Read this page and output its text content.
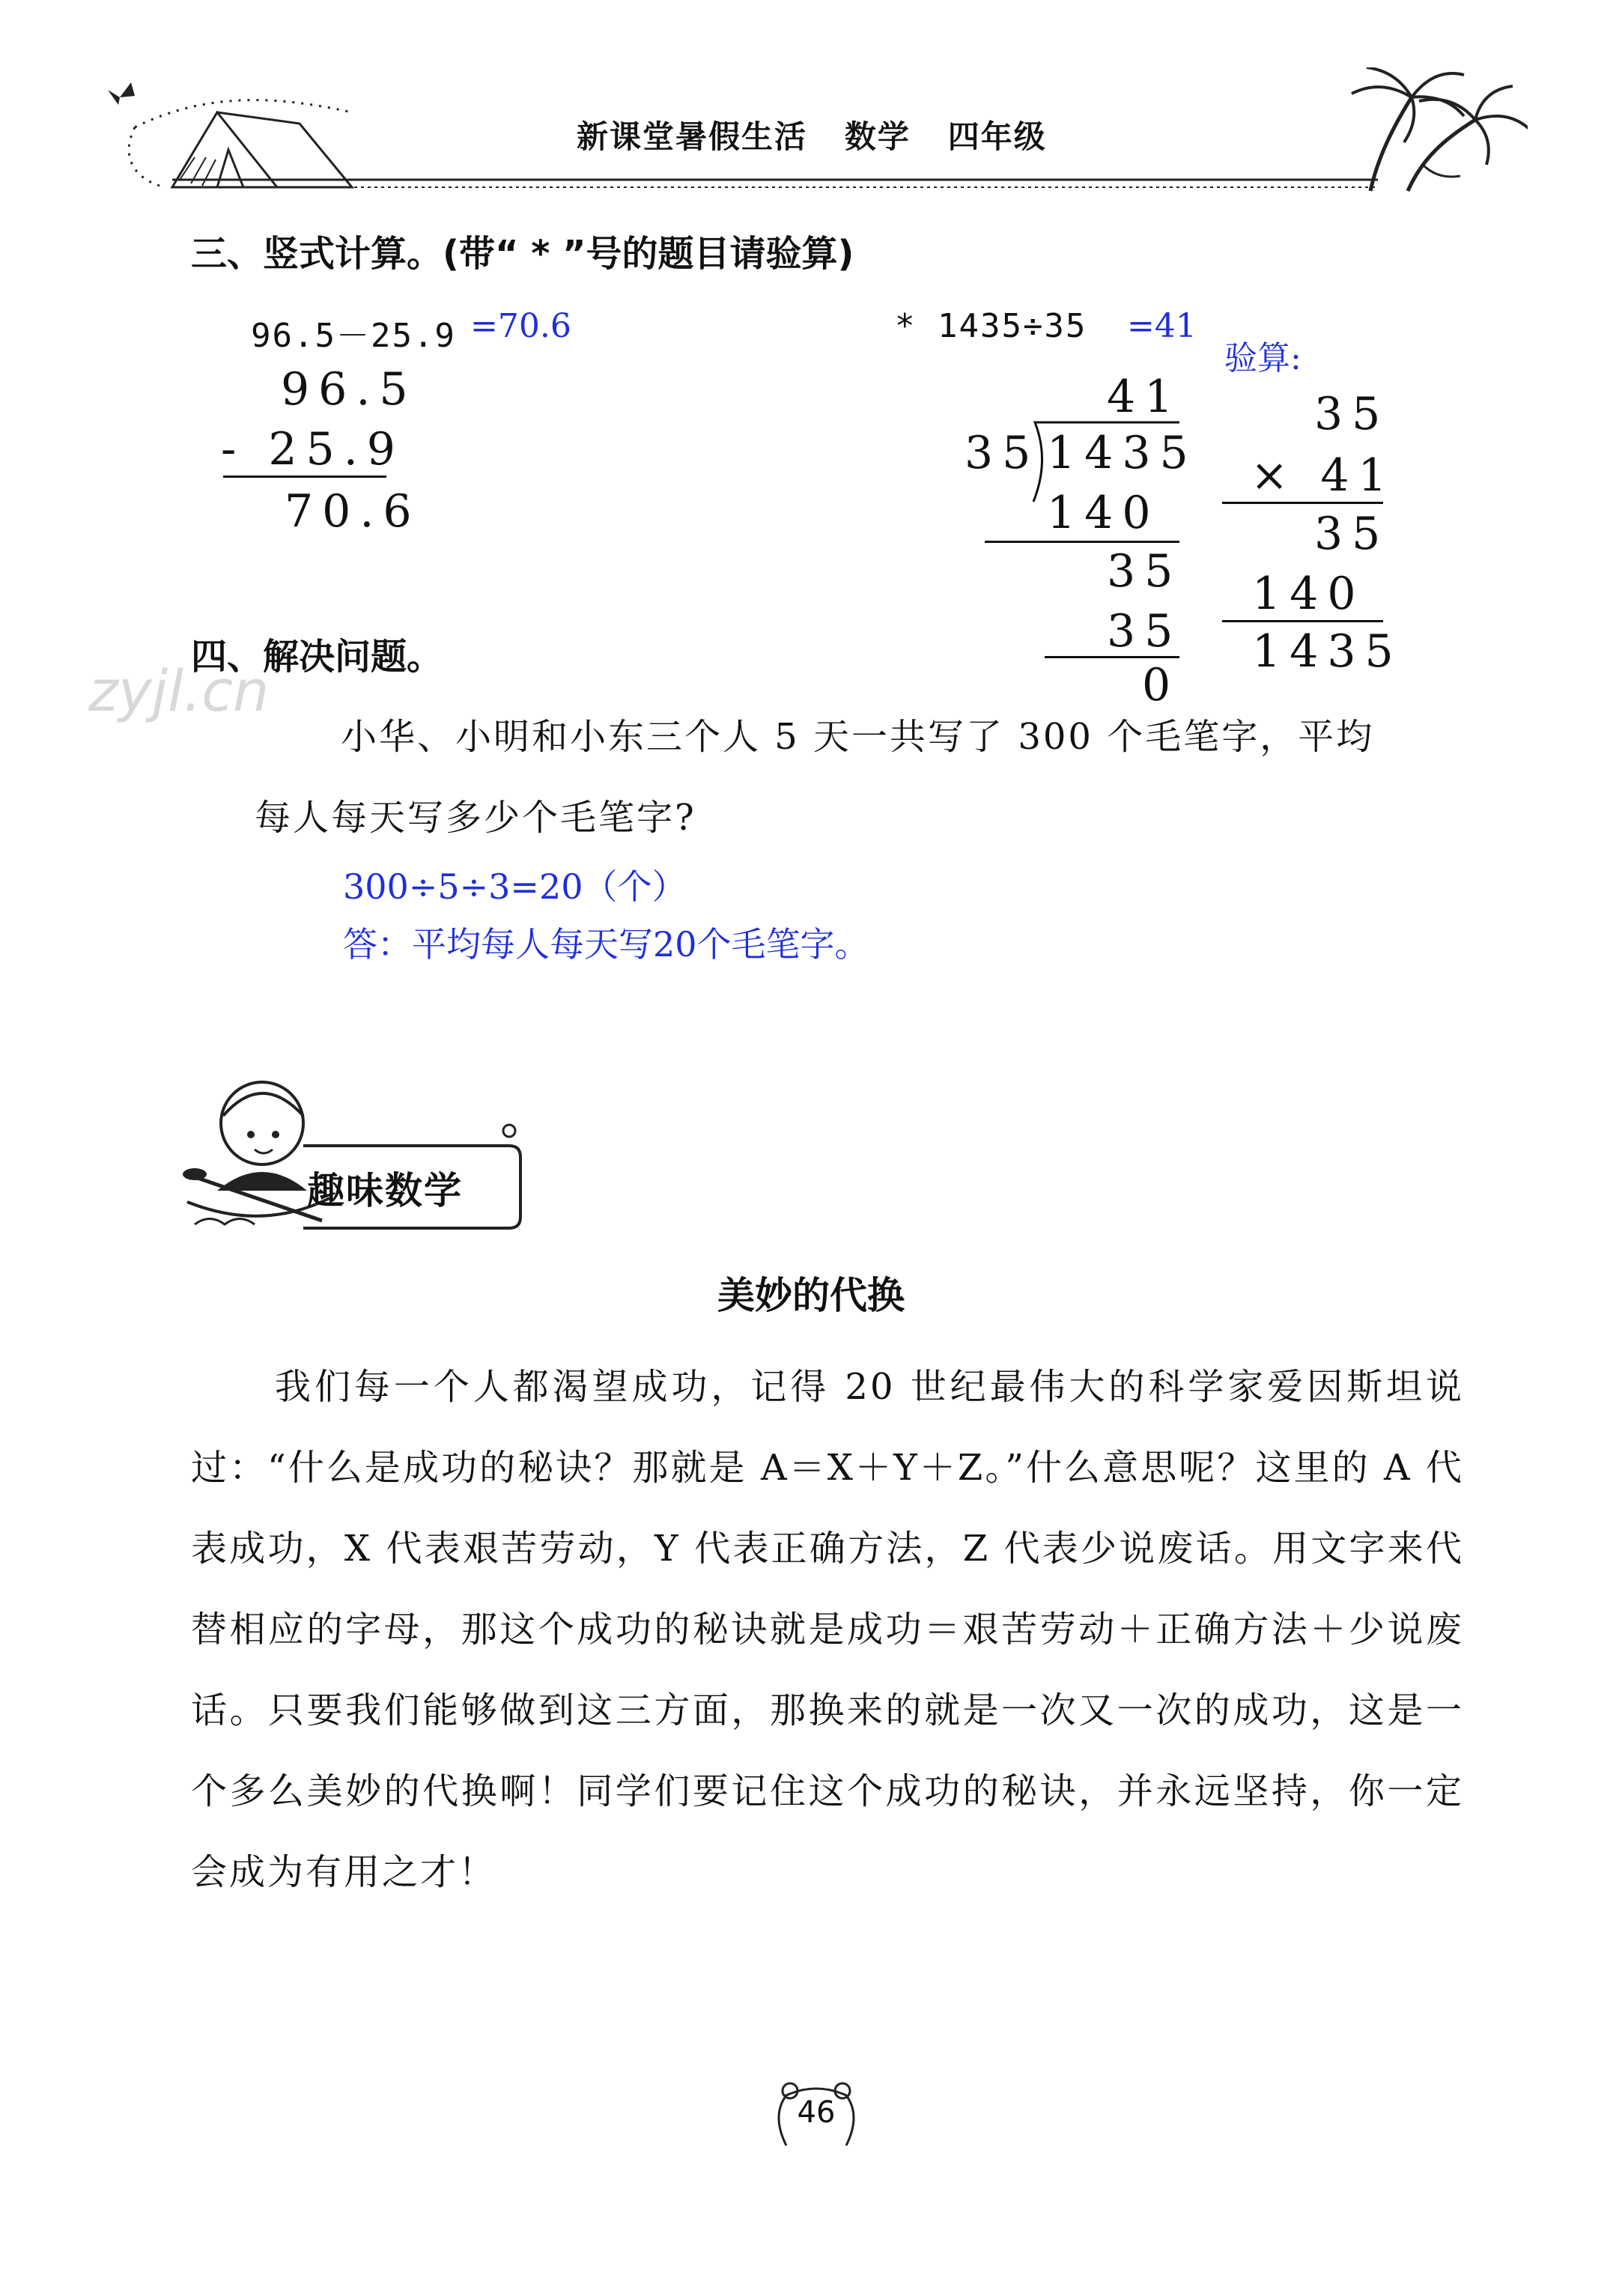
新课堂暑假生活   数学   四年级
三、竖式计算。(带“ * ”号的题目请验算)
96.5－25.9 =70.6
96.5
- 25.9
70.6
* 1435÷35 =41
41
35 1435
140
35
35
0
验算:
35
× 41
35
140
1435
四、解决问题。
zyjl.cn
小华、小明和小东三个人 5 天一共写了 300 个毛笔字，平均
每人每天写多少个毛笔字?
300÷5÷3=20（个）
答：平均每人每天写20个毛笔字。
趣味数学
美妙的代换
我们每一个人都渴望成功，记得 20 世纪最伟大的科学家爱因斯坦说过：“什么是成功的秘诀？那就是 A＝X＋Y＋Z。”什么意思呢？这里的 A 代表成功，X 代表艰苦劳动，Y 代表正确方法，Z 代表少说废话。用文字来代替相应的字母，那这个成功的秘诀就是成功＝艰苦劳动＋正确方法＋少说废话。只要我们能够做到这三方面，那换来的就是一次又一次的成功，这是一个多么美妙的代换啊！同学们要记住这个成功的秘诀，并永远坚持，你一定会成为有用之才！
46
